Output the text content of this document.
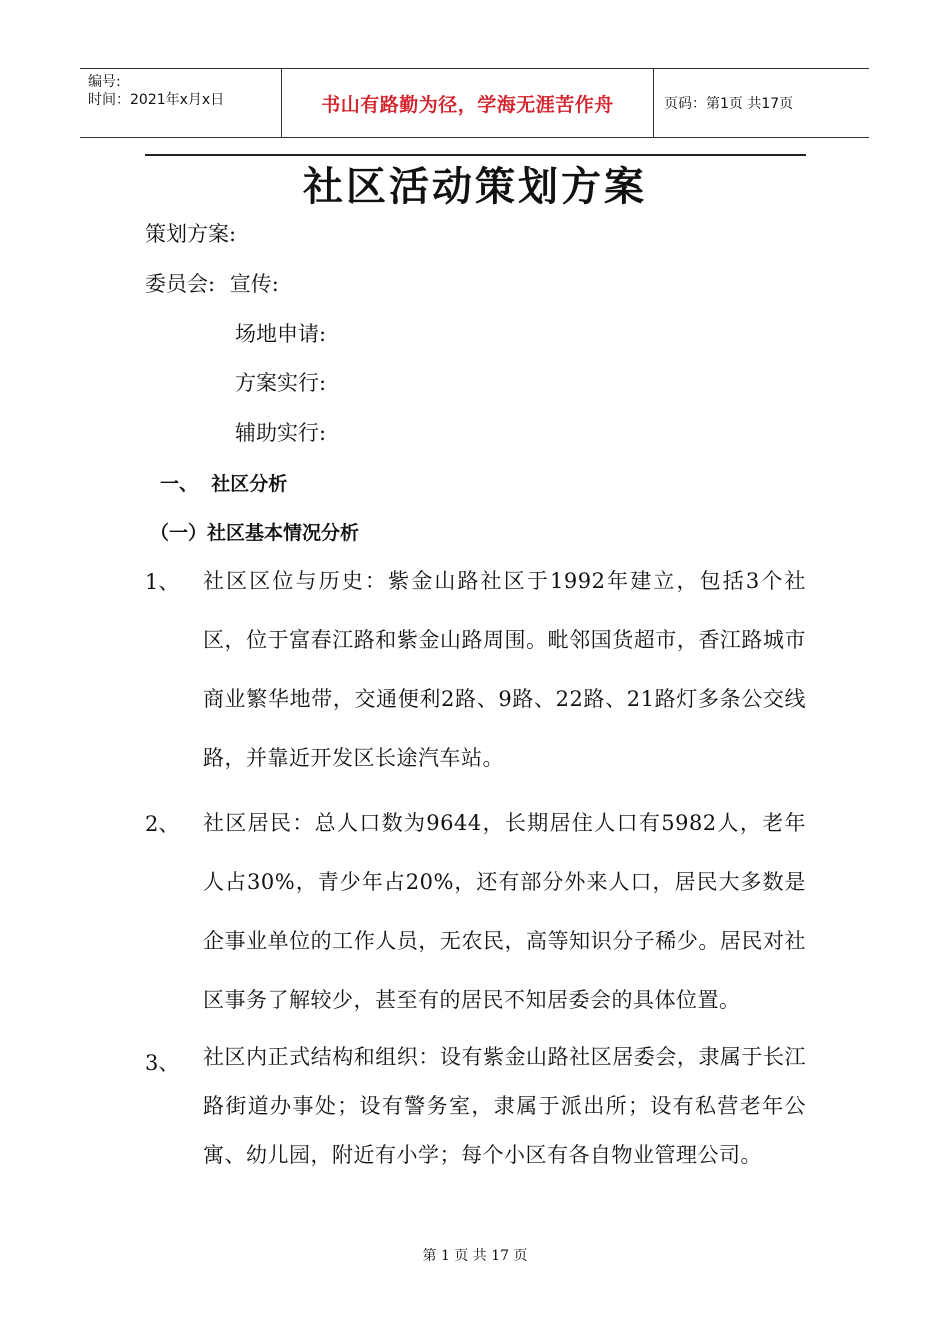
编号:
时间：2021年x月x日	书山有路勤为径，学海无涯苦作舟	页码：第1页 共17页
社区活动策划方案
策划方案:
委员会: 宣传:
场地申请:
方案实行:
辅助实行:
一、  社区分析
（一）社区基本情况分析
1、 社区区位与历史：紫金山路社区于1992年建立，包括3个社区，位于富春江路和紫金山路周围。毗邻国货超市，香江路城市商业繁华地带，交通便利2路、9路、22路、21路灯多条公交线路，并靠近开发区长途汽车站。
2、 社区居民：总人口数为9644，长期居住人口有5982人，老年人占30%，青少年占20%，还有部分外来人口，居民大多数是企事业单位的工作人员，无农民，高等知识分子稀少。居民对社区事务了解较少，甚至有的居民不知居委会的具体位置。
3、 社区内正式结构和组织：设有紫金山路社区居委会，隶属于长江路街道办事处；设有警务室，隶属于派出所；设有私营老年公寓、幼儿园，附近有小学；每个小区有各自物业管理公司。
第 1 页 共 17 页
